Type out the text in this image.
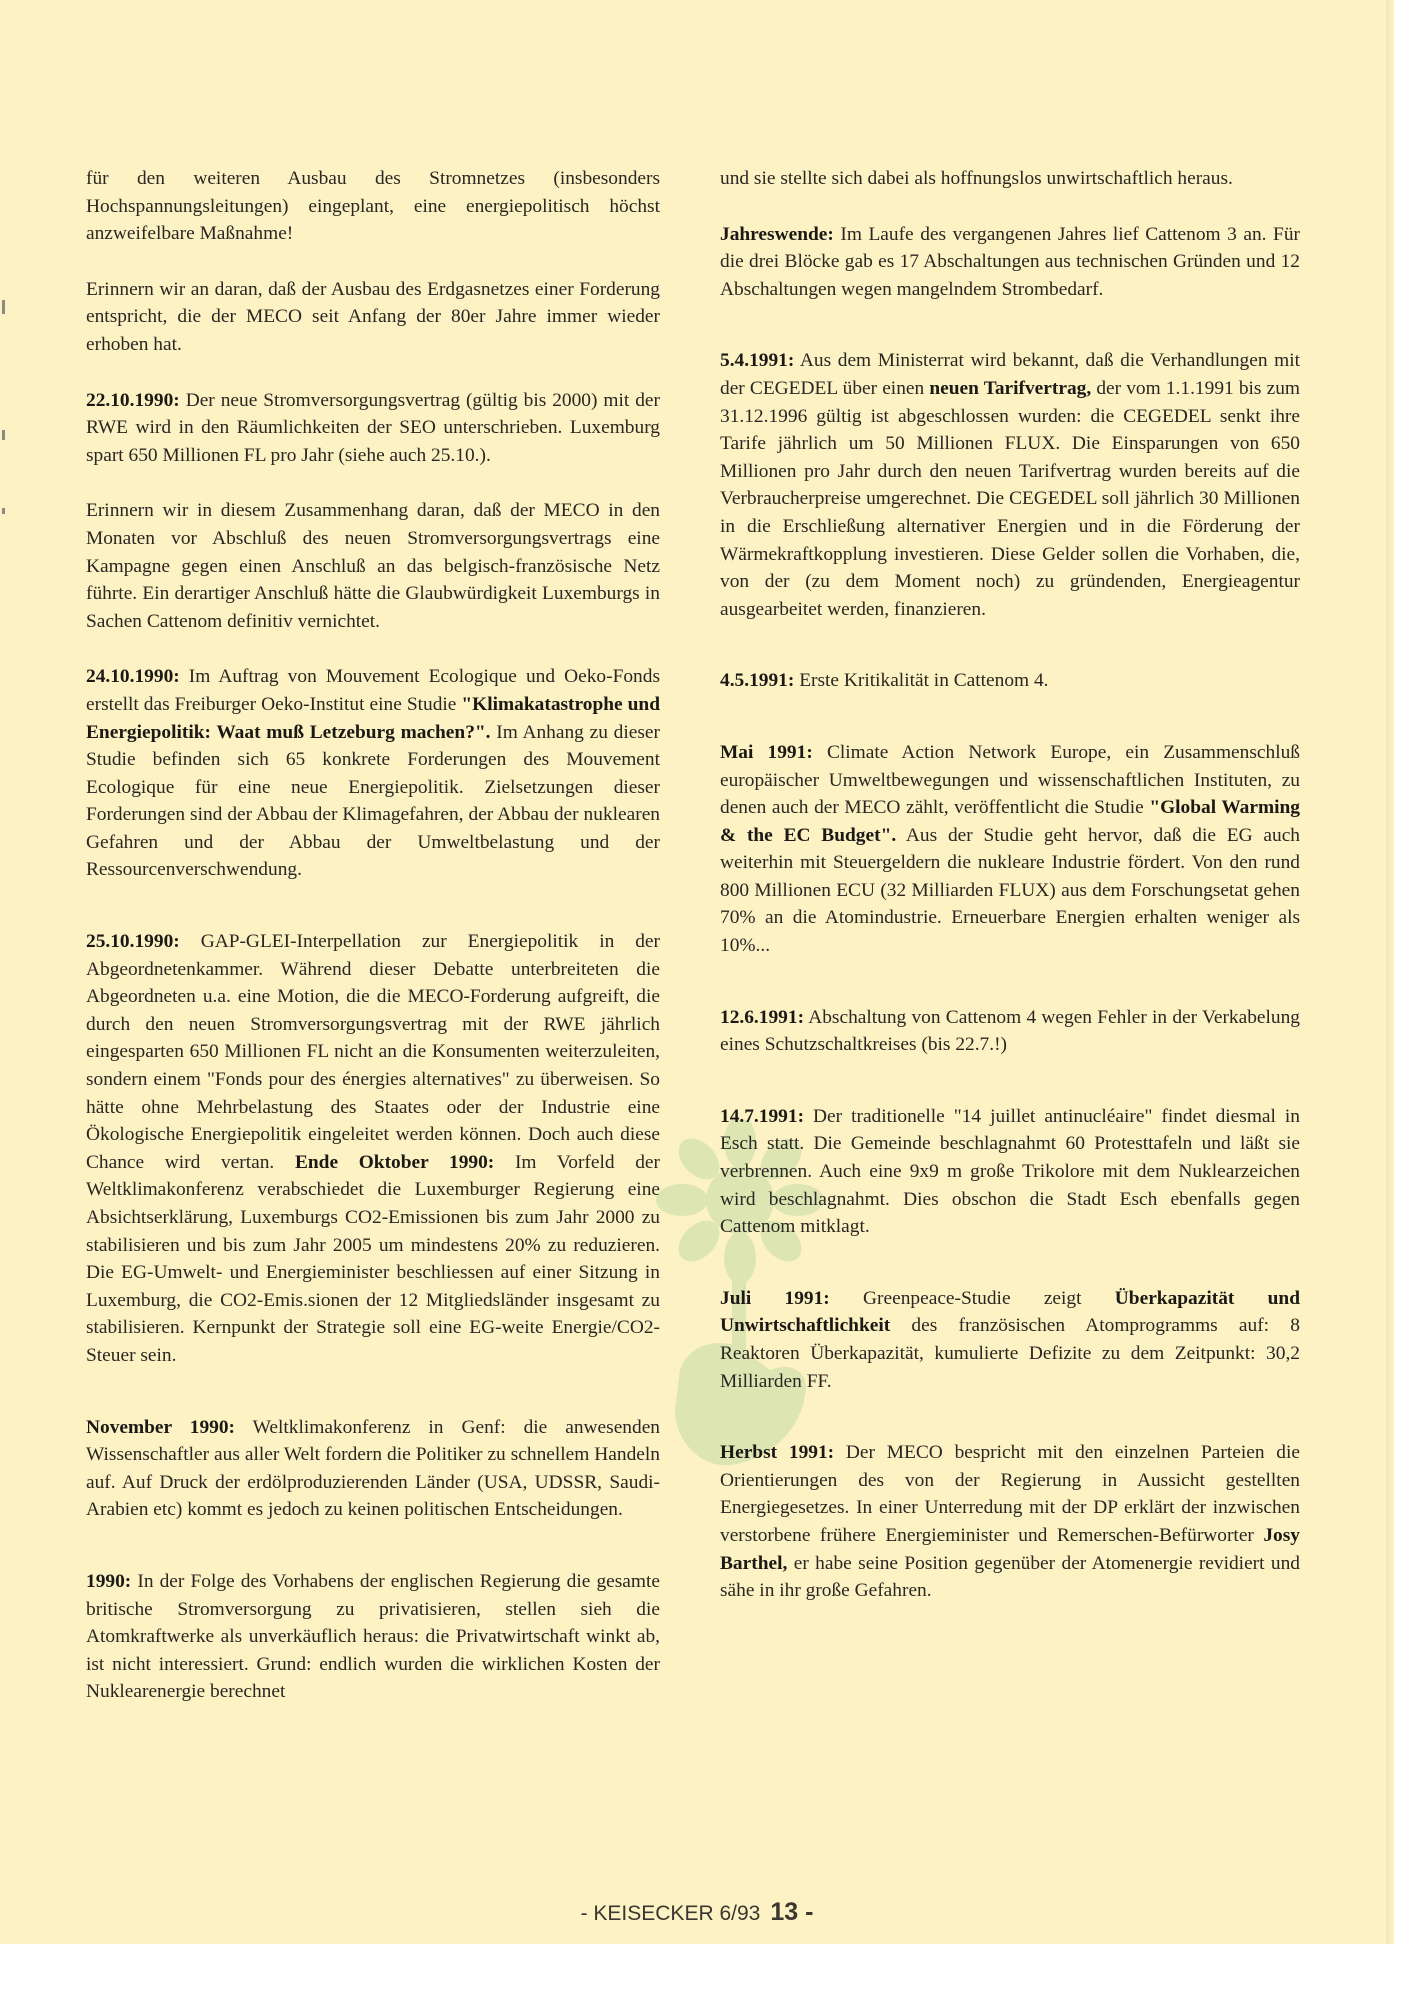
für den weiteren Ausbau des Stromnetzes (insbesonders Hochspannungsleitungen) eingeplant, eine energiepolitisch höchst anzweifelbare Maßnahme!

Erinnern wir an daran, daß der Ausbau des Erdgasnetzes einer Forderung entspricht, die der MECO seit Anfang der 80er Jahre immer wieder erhoben hat.

22.10.1990: Der neue Stromversorgungsvertrag (gültig bis 2000) mit der RWE wird in den Räumlichkeiten der SEO unterschrieben. Luxemburg spart 650 Millionen FL pro Jahr (siehe auch 25.10.).

Erinnern wir in diesem Zusammenhang daran, daß der MECO in den Monaten vor Abschluß des neuen Stromversorgungsvertrags eine Kampagne gegen einen Anschluß an das belgisch-französische Netz führte. Ein derartiger Anschluß hätte die Glaubwürdigkeit Luxemburgs in Sachen Cattenom definitiv vernichtet.

24.10.1990: Im Auftrag von Mouvement Ecologique und Oeko-Fonds erstellt das Freiburger Oeko-Institut eine Studie "Klimakatastrophe und Energiepolitik: Waat muß Letzeburg machen?". Im Anhang zu dieser Studie befinden sich 65 konkrete Forderungen des Mouvement Ecologique für eine neue Energiepolitik. Zielsetzungen dieser Forderungen sind der Abbau der Klimagefahren, der Abbau der nuklearen Gefahren und der Abbau der Umweltbelastung und der Ressourcenverschwendung.

25.10.1990: GAP-GLEI-Interpellation zur Energiepolitik in der Abgeordnetenkammer. Während dieser Debatte unterbreiteten die Abgeordneten u.a. eine Motion, die die MECO-Forderung aufgreift, die durch den neuen Stromversorgungsvertrag mit der RWE jährlich eingesparten 650 Millionen FL nicht an die Konsumenten weiterzuleiten, sondern einem "Fonds pour des énergies alternatives" zu überweisen. So hätte ohne Mehrbelastung des Staates oder der Industrie eine Ökologische Energiepolitik eingeleitet werden können. Doch auch diese Chance wird vertan. Ende Oktober 1990: Im Vorfeld der Weltklimakonferenz verabschiedet die Luxemburger Regierung eine Absichtserklärung, Luxemburgs CO2-Emissionen bis zum Jahr 2000 zu stabilisieren und bis zum Jahr 2005 um mindestens 20% zu reduzieren. Die EG-Umwelt- und Energieminister beschliessen auf einer Sitzung in Luxemburg, die CO2-Emis.sionen der 12 Mitgliedsländer insgesamt zu stabilisieren. Kernpunkt der Strategie soll eine EG-weite Energie/CO2-Steuer sein.

November 1990: Weltklimakonferenz in Genf: die anwesenden Wissenschaftler aus aller Welt fordern die Politiker zu schnellem Handeln auf. Auf Druck der erdölproduzierenden Länder (USA, UDSSR, Saudi-Arabien etc) kommt es jedoch zu keinen politischen Entscheidungen.

1990: In der Folge des Vorhabens der englischen Regierung die gesamte britische Stromversorgung zu privatisieren, stellen sieh die Atomkraftwerke als unverkäuflich heraus: die Privatwirtschaft winkt ab, ist nicht interessiert. Grund: endlich wurden die wirklichen Kosten der Nuklearenergie berechnet

und sie stellte sich dabei als hoffnungslos unwirtschaftlich heraus.

Jahreswende: Im Laufe des vergangenen Jahres lief Cattenom 3 an. Für die drei Blöcke gab es 17 Abschaltungen aus technischen Gründen und 12 Abschaltungen wegen mangelndem Strombedarf.

5.4.1991: Aus dem Ministerrat wird bekannt, daß die Verhandlungen mit der CEGEDEL über einen neuen Tarifvertrag, der vom 1.1.1991 bis zum 31.12.1996 gültig ist abgeschlossen wurden: die CEGEDEL senkt ihre Tarife jährlich um 50 Millionen FLUX. Die Einsparungen von 650 Millionen pro Jahr durch den neuen Tarifvertrag wurden bereits auf die Verbraucherpreise umgerechnet. Die CEGEDEL soll jährlich 30 Millionen in die Erschließung alternativer Energien und in die Förderung der Wärmekraftkopplung investieren. Diese Gelder sollen die Vorhaben, die, von der (zu dem Moment noch) zu gründenden, Energieagentur ausgearbeitet werden, finanzieren.

4.5.1991: Erste Kritikalität in Cattenom 4.

Mai 1991: Climate Action Network Europe, ein Zusammenschluß europäischer Umweltbewegungen und wissenschaftlichen Instituten, zu denen auch der MECO zählt, veröffentlicht die Studie "Global Warming & the EC Budget". Aus der Studie geht hervor, daß die EG auch weiterhin mit Steuergeldern die nukleare Industrie fördert. Von den rund 800 Millionen ECU (32 Milliarden FLUX) aus dem Forschungsetat gehen 70% an die Atomindustrie. Erneuerbare Energien erhalten weniger als 10%...

12.6.1991: Abschaltung von Cattenom 4 wegen Fehler in der Verkabelung eines Schutzschaltkreises (bis 22.7.!)

14.7.1991: Der traditionelle "14 juillet antinucléaire" findet diesmal in Esch statt. Die Gemeinde beschlagnahmt 60 Protesttafeln und läßt sie verbrennen. Auch eine 9x9 m große Trikolore mit dem Nuklearzeichen wird beschlagnahmt. Dies obschon die Stadt Esch ebenfalls gegen Cattenom mitklagt.

Juli 1991: Greenpeace-Studie zeigt Überkapazität und Unwirtschaftlichkeit des französischen Atomprogramms auf: 8 Reaktoren Überkapazität, kumulierte Defizite zu dem Zeitpunkt: 30,2 Milliarden FF.

Herbst 1991: Der MECO bespricht mit den einzelnen Parteien die Orientierungen des von der Regierung in Aussicht gestellten Energiegesetzes. In einer Unterredung mit der DP erklärt der inzwischen verstorbene frühere Energieminister und Remerschen-Befürworter Josy Barthel, er habe seine Position gegenüber der Atomenergie revidiert und sähe in ihr große Gefahren.

- KEISECKER 6/93 13 -
